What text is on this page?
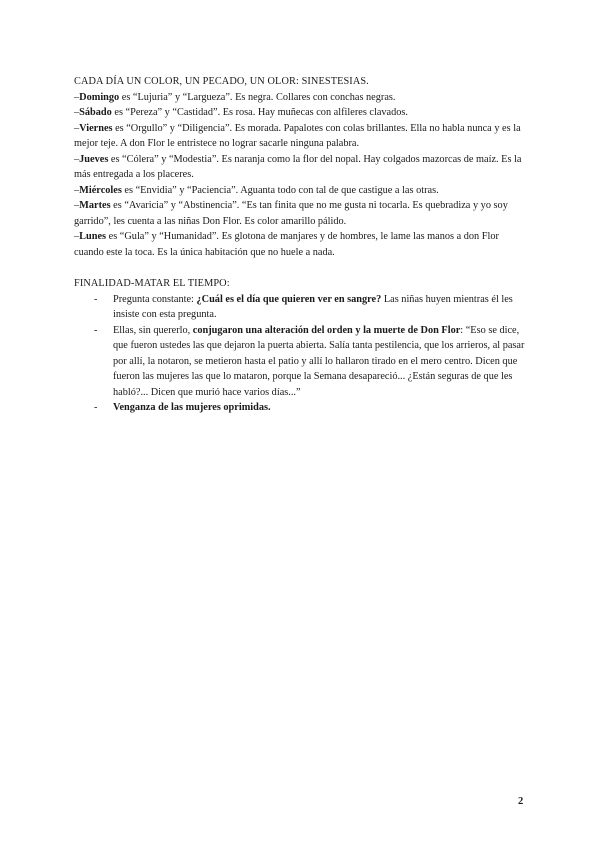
CADA DÍA UN COLOR, UN PECADO, UN OLOR: SINESTESIAS.

–Domingo es “Lujuria” y “Largueza”. Es negra. Collares con conchas negras.

–Sábado es “Pereza” y “Castidad”. Es rosa. Hay muñecas con alfileres clavados.

–Viernes es “Orgullo” y “Diligencia”. Es morada. Papalotes con colas brillantes. Ella no habla nunca y es la mejor teje. A don Flor le entristece no lograr sacarle ninguna palabra.

–Jueves es “Cólera” y “Modestia”. Es naranja como la flor del nopal. Hay colgados mazorcas de maíz. Es la más entregada a los placeres.

–Miércoles es “Envidia” y “Paciencia”. Aguanta todo con tal de que castigue a las otras.

–Martes es “Avaricia” y “Abstinencia”. “Es tan finita que no me gusta ni tocarla. Es quebradiza y yo soy garrido”, les cuenta a las niñas Don Flor. Es color amarillo pálido.

–Lunes es “Gula” y “Humanidad”. Es glotona de manjares y de hombres, le lame las manos a don Flor cuando este la toca. Es la única habitación que no huele a nada.

FINALIDAD-MATAR EL TIEMPO:

- Pregunta constante: ¿Cuál es el día que quieren ver en sangre? Las niñas huyen mientras él les insiste con esta pregunta.
- Ellas, sin quererlo, conjugaron una alteración del orden y la muerte de Don Flor: “Eso se dice, que fueron ustedes las que dejaron la puerta abierta. Salía tanta pestilencia, que los arrieros, al pasar por allí, la notaron, se metieron hasta el patio y allí lo hallaron tirado en el mero centro. Dicen que fueron las mujeres las que lo mataron, porque la Semana desapareció... ¿Están seguras de que les habló?... Dicen que murió hace varios días...”
- Venganza de las mujeres oprimidas.
2
